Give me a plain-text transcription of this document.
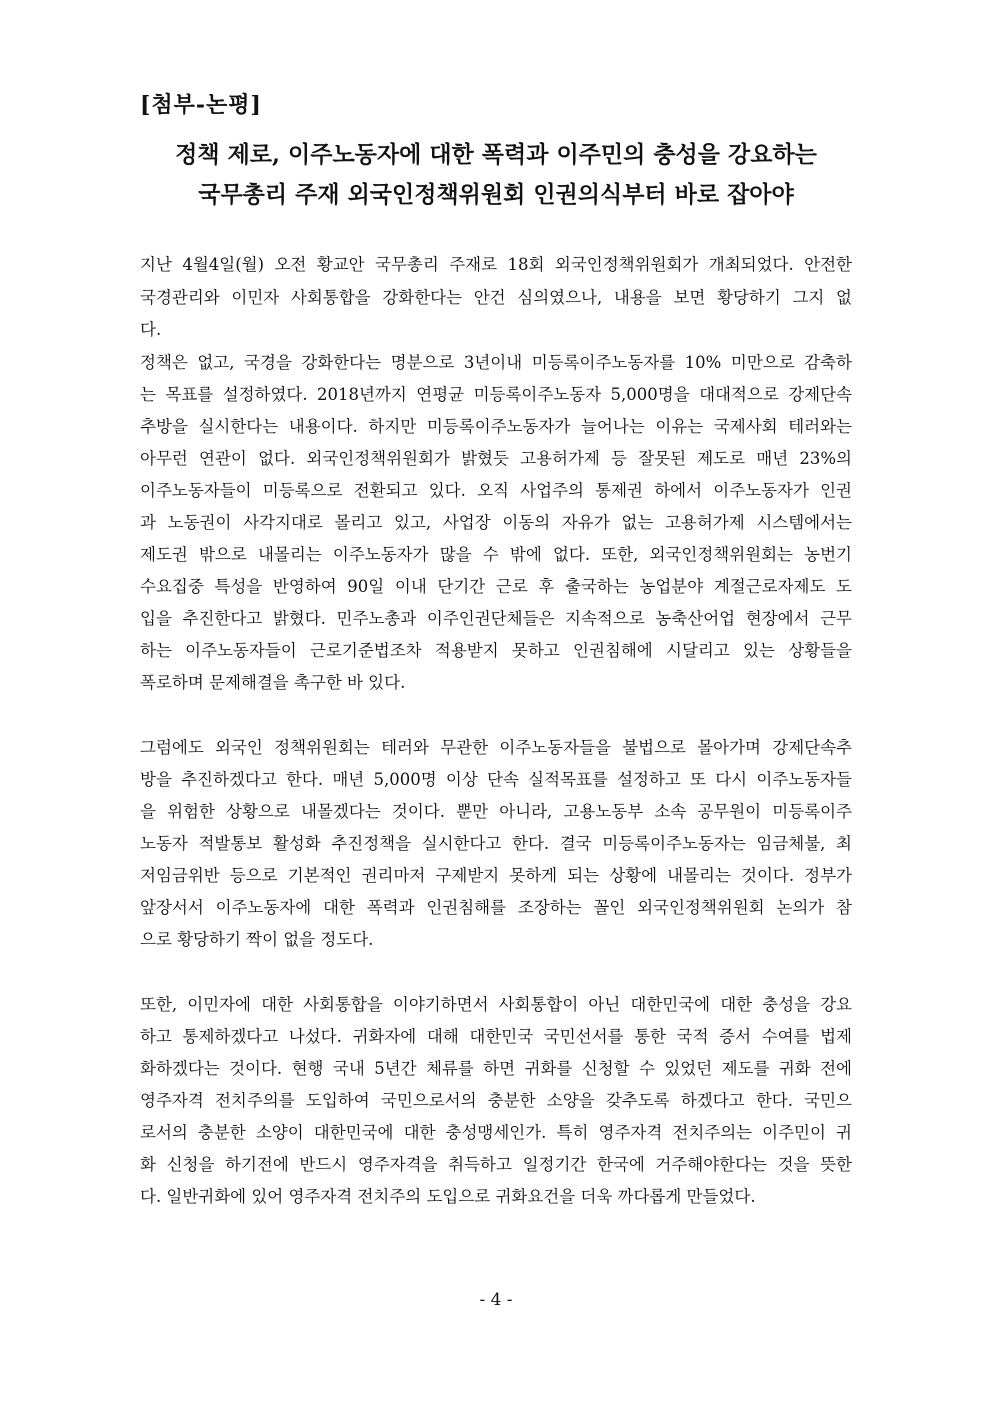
[첨부-논평]
정책 제로, 이주노동자에 대한 폭력과 이주민의 충성을 강요하는
국무총리 주재 외국인정책위원회 인권의식부터 바로 잡아야
지난 4월4일(월) 오전 황교안 국무총리 주재로 18회 외국인정책위원회가 개최되었다. 안전한
국경관리와 이민자 사회통합을 강화한다는 안건 심의였으나, 내용을 보면 황당하기 그지 없
다.
정책은 없고, 국경을 강화한다는 명분으로 3년이내 미등록이주노동자를 10% 미만으로 감축하
는 목표를 설정하였다. 2018년까지 연평균 미등록이주노동자 5,000명을 대대적으로 강제단속
추방을 실시한다는 내용이다. 하지만 미등록이주노동자가 늘어나는 이유는 국제사회 테러와는
아무런 연관이 없다. 외국인정책위원회가 밝혔듯 고용허가제 등 잘못된 제도로 매년 23%의
이주노동자들이 미등록으로 전환되고 있다. 오직 사업주의 통제권 하에서 이주노동자가 인권
과 노동권이 사각지대로 몰리고 있고, 사업장 이동의 자유가 없는 고용허가제 시스템에서는
제도권 밖으로 내몰리는 이주노동자가 많을 수 밖에 없다. 또한, 외국인정책위원회는 농번기
수요집중 특성을 반영하여 90일 이내 단기간 근로 후 출국하는 농업분야 계절근로자제도 도
입을 추진한다고 밝혔다. 민주노총과 이주인권단체들은 지속적으로 농축산어업 현장에서 근무
하는 이주노동자들이 근로기준법조차 적용받지 못하고 인권침해에 시달리고 있는 상황들을
폭로하며 문제해결을 촉구한 바 있다.
그럼에도 외국인 정책위원회는 테러와 무관한 이주노동자들을 불법으로 몰아가며 강제단속추
방을 추진하겠다고 한다. 매년 5,000명 이상 단속 실적목표를 설정하고 또 다시 이주노동자들
을 위험한 상황으로 내몰겠다는 것이다. 뿐만 아니라, 고용노동부 소속 공무원이 미등록이주
노동자 적발통보 활성화 추진정책을 실시한다고 한다. 결국 미등록이주노동자는 임금체불, 최
저임금위반 등으로 기본적인 권리마저 구제받지 못하게 되는 상황에 내몰리는 것이다. 정부가
앞장서서 이주노동자에 대한 폭력과 인권침해를 조장하는 꼴인 외국인정책위원회 논의가 참
으로 황당하기 짝이 없을 정도다.
또한, 이민자에 대한 사회통합을 이야기하면서 사회통합이 아닌 대한민국에 대한 충성을 강요
하고 통제하겠다고 나섰다. 귀화자에 대해 대한민국 국민선서를 통한 국적 증서 수여를 법제
화하겠다는 것이다. 현행 국내 5년간 체류를 하면 귀화를 신청할 수 있었던 제도를 귀화 전에
영주자격 전치주의를 도입하여 국민으로서의 충분한 소양을 갖추도록 하겠다고 한다. 국민으
로서의 충분한 소양이 대한민국에 대한 충성맹세인가. 특히 영주자격 전치주의는 이주민이 귀
화 신청을 하기전에 반드시 영주자격을 취득하고 일정기간 한국에 거주해야한다는 것을 뜻한
다. 일반귀화에 있어 영주자격 전치주의 도입으로 귀화요건을 더욱 까다롭게 만들었다.
- 4 -
